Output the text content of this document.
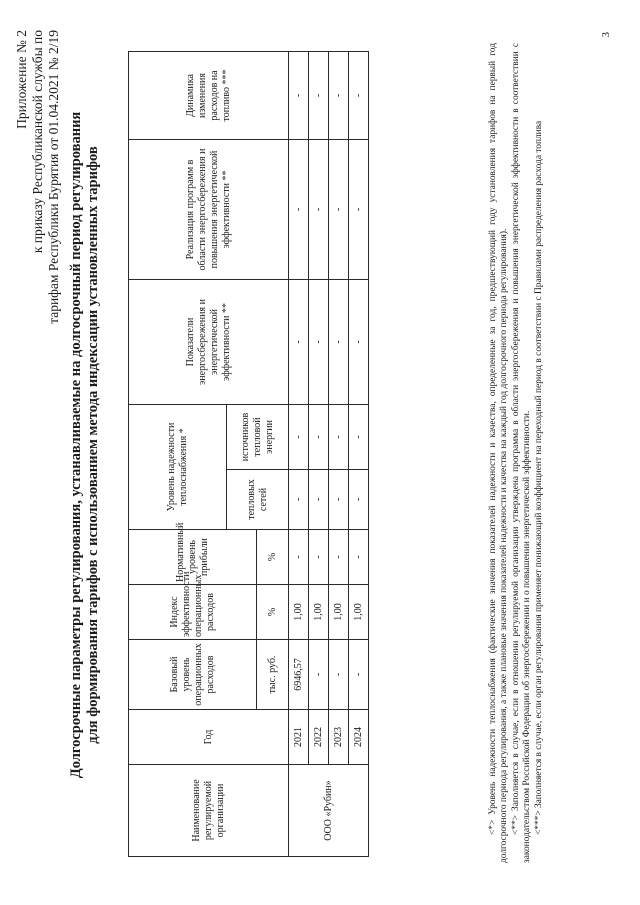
Приложение № 2 к приказу Республиканской службы по тарифам Республики Бурятия от 01.04.2021 № 2/19 Долгосрочные параметры регулирования, устанавливаемые на долгосрочный период регулирования для формирования тарифов с использованием метода индексации установленных тарифов
Наименование регулируемой организации	Год	Базовый уровень операционных расходов	Индекс эффективности операционных расходов	Нормативный уровень прибыли	Уровень надежности теплоснабжения *		Показатели энергосбережения и энергетической эффективности **	Реализация программ в области энергосбережения и повышения энергетической эффективности **	Динамика изменения расходов на топливо ***
					тепловых сетей	источников тепловой энергии			
		тыс. руб.	%	%					
ООО «Рубин»	2021	6946,57	1,00	-	-	-	-	-	-
	2022	-	1,00	-	-	-	-	-	-
	2023	-	1,00	-	-	-	-	-	-
	2024	-	1,00	-	-	-	-	-	-	<*> Уровень надежности теплоснабжения (фактические значения показателей надежности и качества, определенные за год, предшествующий году установления тарифов на первый год долгосрочного периода регулирования, а также плановые значения показателей надежности и качества на каждый год долгосрочного периода регулирования). <**> Заполняется в случае, если в отношении регулируемой организации утверждена программа в области энергосбережения и повышения энергетической эффективности в соответствии с законодательством Российской Федерации об энергосбережении и о повышении энергетической эффективности. <***> Заполняется в случае, если орган регулирования применяет понижающий коэффициент на переходный период в соответствии с Правилами распределения расхода топлива

3
